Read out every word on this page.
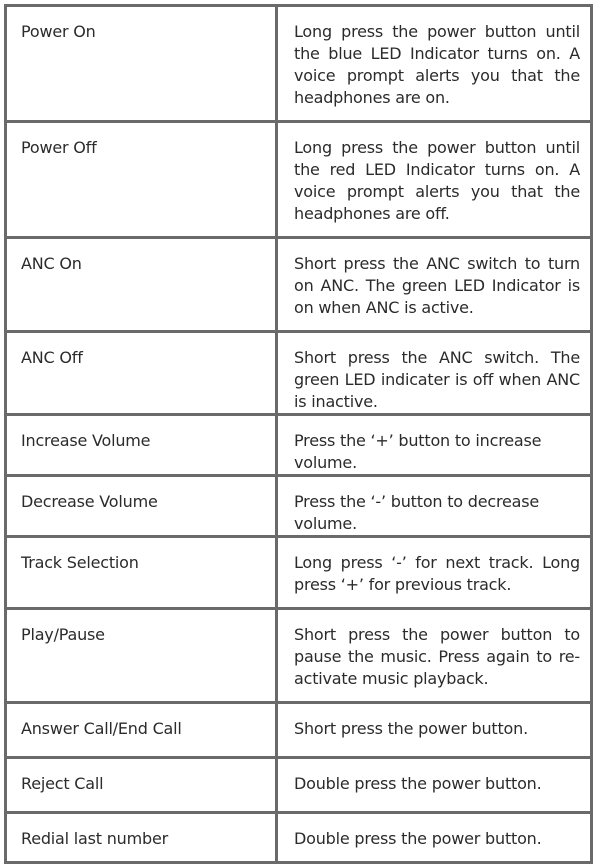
Power On	Long press the power button until the blue LED Indicator turns on. A voice prompt alerts you that the headphones are on.
Power Off	Long press the power button until the red LED Indicator turns on. A voice prompt alerts you that the headphones are off.
ANC On	Short press the ANC switch to turn on ANC. The green LED Indicator is on when ANC is active.
ANC Off	Short press the ANC switch. The green LED indicater is off when ANC is inactive.
Increase Volume	Press the ‘+’ button to increase volume.
Decrease Volume	Press the ‘-’ button to decrease volume.
Track Selection	Long press ‘-’ for next track. Long press ‘+’ for previous track.
Play/Pause	Short press the power button to pause the music. Press again to re-activate music playback.
Answer Call/End Call	Short press the power button.
Reject Call	Double press the power button.
Redial last number	Double press the power button.
